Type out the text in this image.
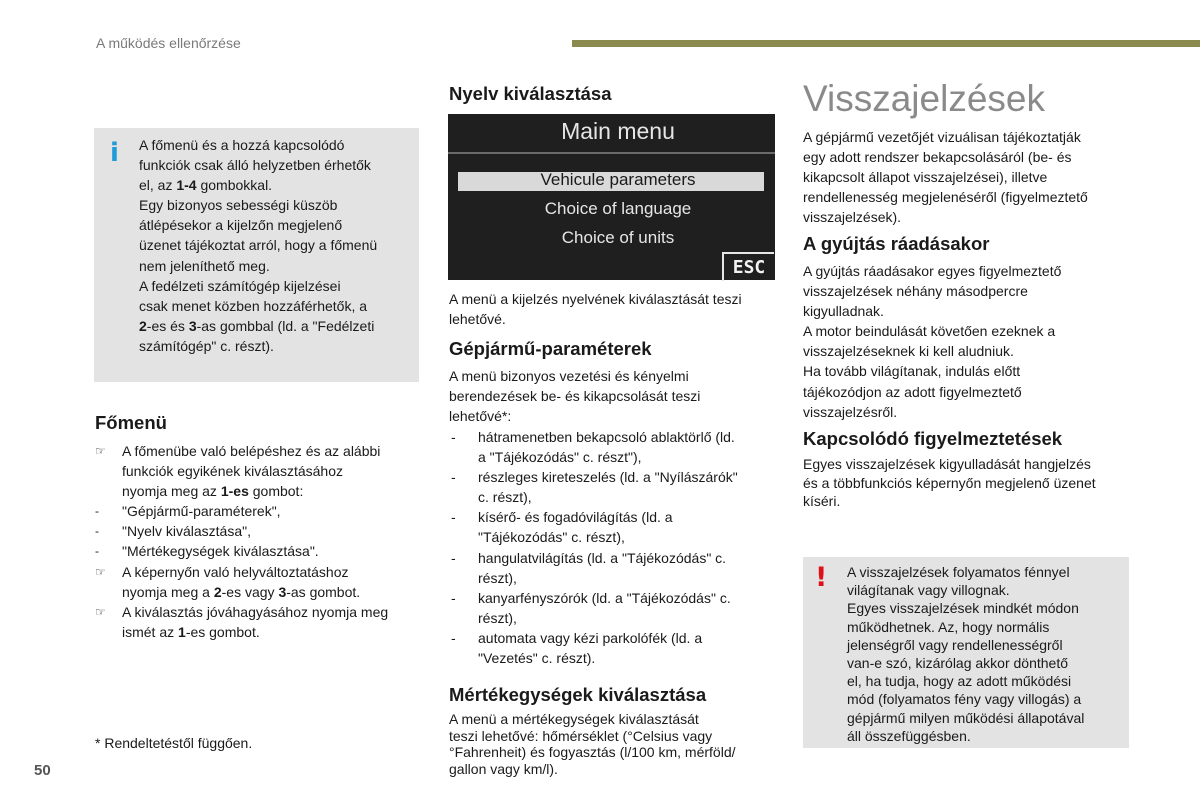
A működés ellenőrzése
i A főmenü és a hozzá kapcsolódó
funkciók csak álló helyzetben érhetők
el, az 1-4 gombokkal.
Egy bizonyos sebességi küszöb
átlépésekor a kijelzőn megjelenő
üzenet tájékoztat arról, hogy a főmenü
nem jeleníthető meg.
A fedélzeti számítógép kijelzései
csak menet közben hozzáférhetők, a
2-es és 3-as gombbal (ld. a "Fedélzeti
számítógép" c. részt).
Főmenü
☞ A főmenübe való belépéshez és az alábbi
funkciók egyikének kiválasztásához
nyomja meg az 1-es gombot:
- "Gépjármű-paraméterek",
- "Nyelv kiválasztása",
- "Mértékegységek kiválasztása".
☞ A képernyőn való helyváltoztatáshoz
nyomja meg a 2-es vagy 3-as gombot.
☞ A kiválasztás jóváhagyásához nyomja meg
ismét az 1-es gombot.
* Rendeltetéstől függően.
50
Nyelv kiválasztása
Main menu
Vehicule parameters
Choice of language
Choice of units
ESC

A menü a kijelzés nyelvének kiválasztását teszi
lehetővé.

Gépjármű-paraméterek

A menü bizonyos vezetési és kényelmi
berendezések be- és kikapcsolását teszi
lehetővé*:

- hátramenetben bekapcsoló ablaktörlő (ld.
a "Tájékozódás" c. részt"),
- részleges kireteszelés (ld. a "Nyílászárók"
c. részt),
- kísérő- és fogadóvilágítás (ld. a
"Tájékozódás" c. részt),
- hangulatvilágítás (ld. a "Tájékozódás" c.
részt),
- kanyarfényszórók (ld. a "Tájékozódás" c.
részt),
- automata vagy kézi parkolófék (ld. a
"Vezetés" c. részt).
Mértékegységek kiválasztása

A menü a mértékegységek kiválasztását
teszi lehetővé: hőmérséklet (°Celsius vagy
°Fahrenheit) és fogyasztás (l/100 km, mérföld/
gallon vagy km/l).

Visszajelzések

A gépjármű vezetőjét vizuálisan tájékoztatják
egy adott rendszer bekapcsolásáról (be- és
kikapcsolt állapot visszajelzései), illetve
rendellenesség megjelenéséről (figyelmeztető
visszajelzések).

A gyújtás ráadásakor

A gyújtás ráadásakor egyes figyelmeztető
visszajelzések néhány másodpercre
kigyulladnak.
A motor beindulását követően ezeknek a
visszajelzéseknek ki kell aludniuk.
Ha tovább világítanak, indulás előtt
tájékozódjon az adott figyelmeztető
visszajelzésről.

Kapcsolódó figyelmeztetések

Egyes visszajelzések kigyulladását hangjelzés
és a többfunkciós képernyőn megjelenő üzenet
kíséri.

! A visszajelzések folyamatos fénnyel
világítanak vagy villognak.
Egyes visszajelzések mindkét módon
működhetnek. Az, hogy normális
jelenségről vagy rendellenességről
van-e szó, kizárólag akkor dönthető
el, ha tudja, hogy az adott működési
mód (folyamatos fény vagy villogás) a
gépjármű milyen működési állapotával
áll összefüggésben.
